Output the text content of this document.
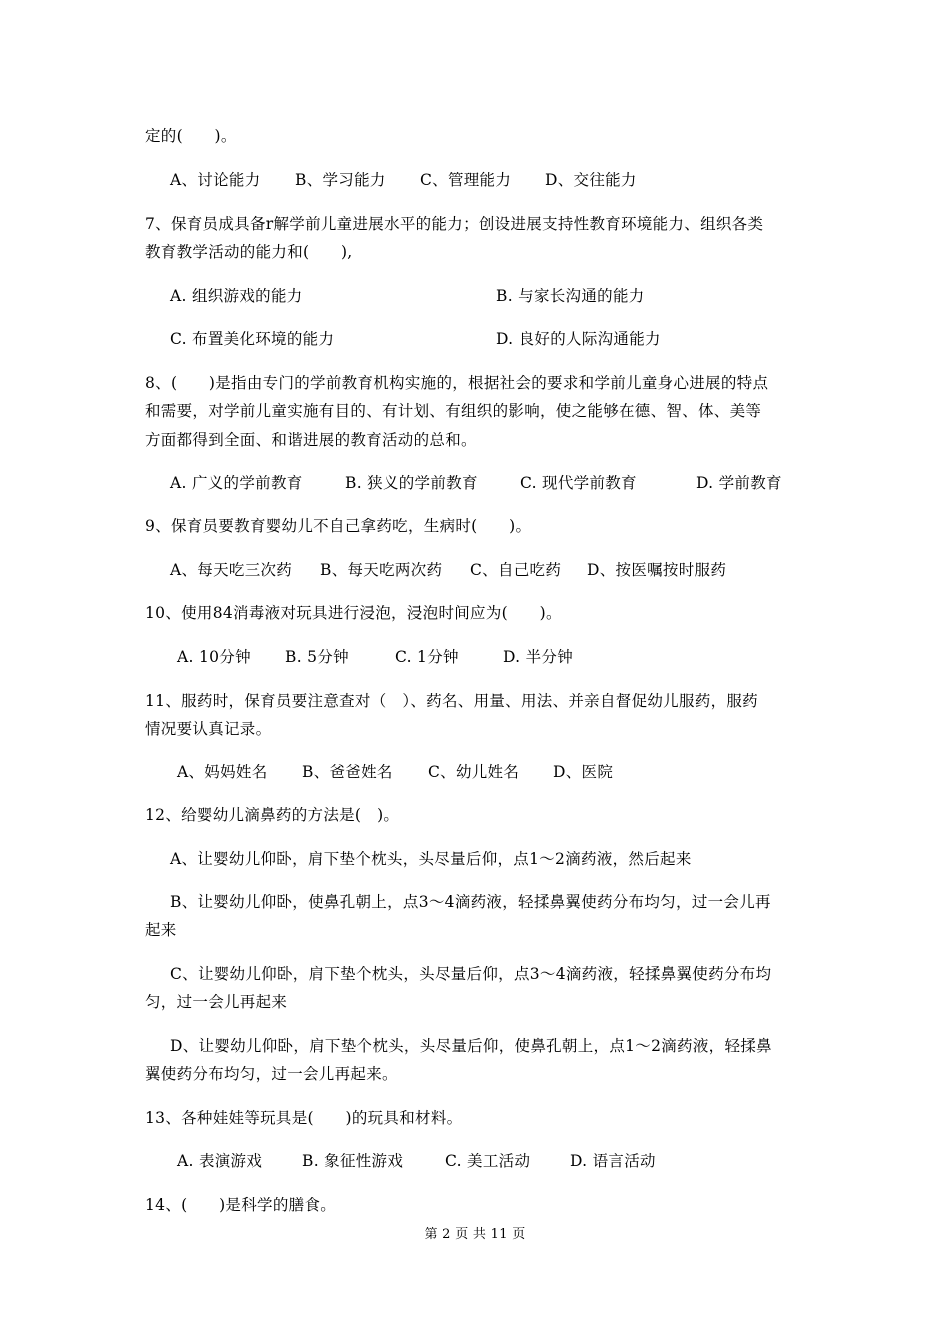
定的(　　)。
A、讨论能力 B、学习能力 C、管理能力 D、交往能力
7、保育员成具备r解学前儿童进展水平的能力；创设进展支持性教育环境能力、组织各类
教育教学活动的能力和(　　),
A. 组织游戏的能力	B. 与家长沟通的能力
C. 布置美化环境的能力	D. 良好的人际沟通能力
8、(　　)是指由专门的学前教育机构实施的，根据社会的要求和学前儿童身心进展的特点
和需要，对学前儿童实施有目的、有计划、有组织的影响，使之能够在德、智、体、美等
方面都得到全面、和谐进展的教育活动的总和。
A. 广义的学前教育	B. 狭义的学前教育	C. 现代学前教育	D. 学前教育
9、保育员要教育婴幼儿不自己拿药吃，生病时(　　)。
A、每天吃三次药 B、每天吃两次药 C、自己吃药 D、按医嘱按时服药
10、使用84消毒液对玩具进行浸泡，浸泡时间应为(　　)。
A. 10分钟 B. 5分钟	C. 1分钟	D. 半分钟
11、服药时，保育员要注意查对（　）、药名、用量、用法、并亲自督促幼儿服药，服药
情况要认真记录。
A、妈妈姓名 B、爸爸姓名 C、幼儿姓名 D、医院
12、给婴幼儿滴鼻药的方法是(　)。
A、让婴幼儿仰卧，肩下垫个枕头，头尽量后仰，点1～2滴药液，然后起来
B、让婴幼儿仰卧，使鼻孔朝上，点3～4滴药液，轻揉鼻翼使药分布均匀，过一会儿再
起来
C、让婴幼儿仰卧，肩下垫个枕头，头尽量后仰，点3～4滴药液，轻揉鼻翼使药分布均
匀，过一会儿再起来
D、让婴幼儿仰卧，肩下垫个枕头，头尽量后仰，使鼻孔朝上，点1～2滴药液，轻揉鼻
翼使药分布均匀，过一会儿再起来。
13、各种娃娃等玩具是(　　)的玩具和材料。
A. 表演游戏	B. 象征性游戏	C. 美工活动	D. 语言活动
14、(　　)是科学的膳食。
第 2 页 共 11 页
